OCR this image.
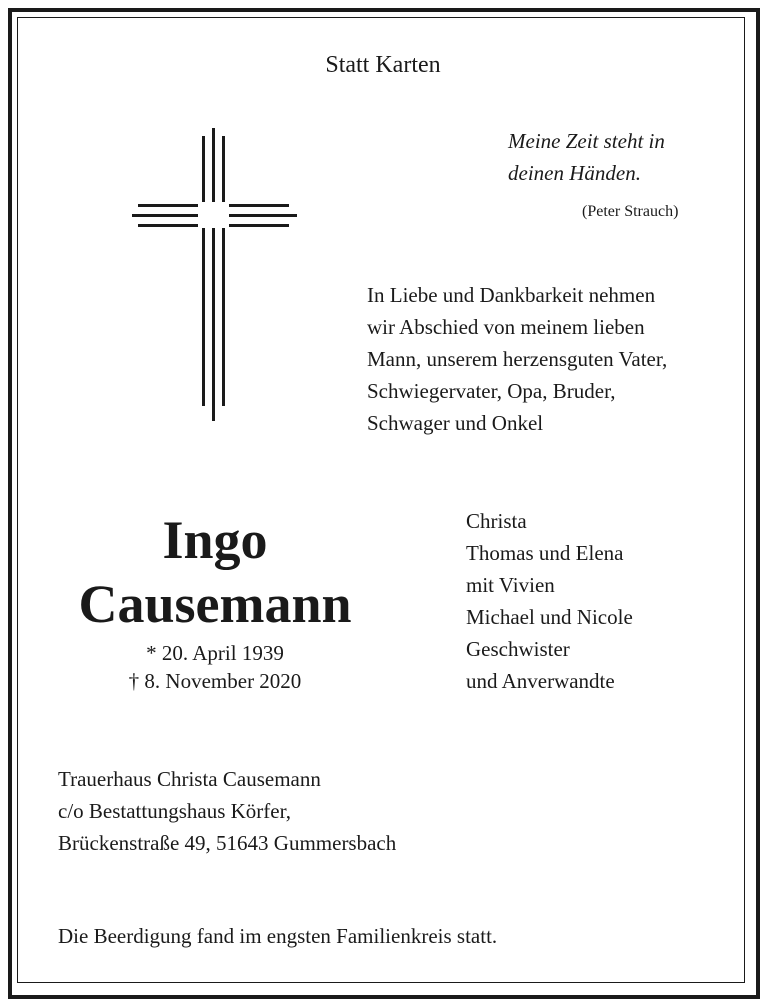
Statt Karten
Meine Zeit steht in
deinen Händen.
(Peter Strauch)
In Liebe und Dankbarkeit nehmen
wir Abschied von meinem lieben
Mann, unserem herzensguten Vater,
Schwiegervater, Opa, Bruder,
Schwager und Onkel
Ingo
Causemann
* 20. April 1939
† 8. November 2020
Christa
Thomas und Elena
mit Vivien
Michael und Nicole
Geschwister
und Anverwandte
Trauerhaus Christa Causemann
c/o Bestattungshaus Körfer,
Brückenstraße 49, 51643 Gummersbach
Die Beerdigung fand im engsten Familienkreis statt.
